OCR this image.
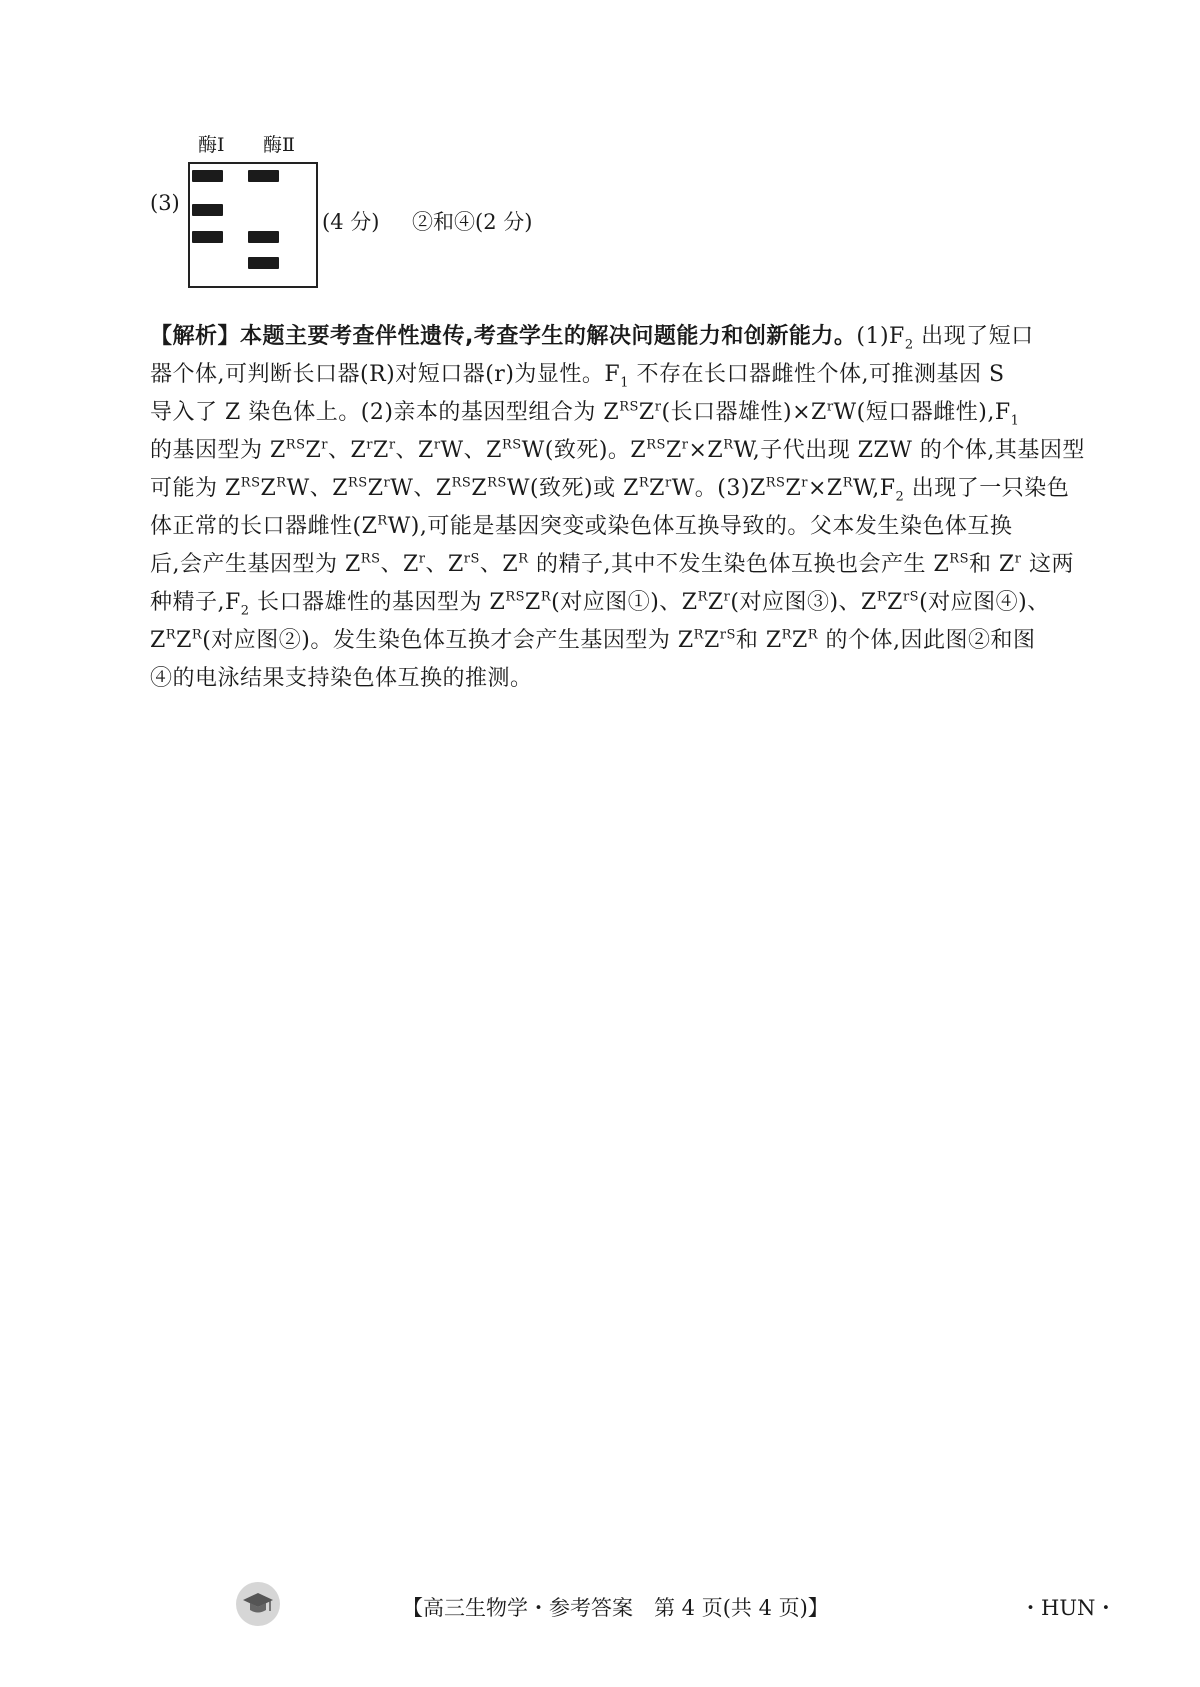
酶Ⅰ 酶Ⅱ
(3)
(4 分) ②和④(2 分)
【解析】本题主要考查伴性遗传,考查学生的解决问题能力和创新能力。$(1)F_2$ 出现了短口
器个体,可判断长口器(R)对短口器(r)为显性。$F_1$ 不存在长口器雌性个体,可推测基因 S
导入了 Z 染色体上。(2)亲本的基因型组合为 $Z^{RS}Z^r$(长口器雄性)$\times Z^rW$(短口器雌性)$,F_1$
的基因型为 $Z^{RS}Z^r$、$Z^rZ^r$、$Z^rW$、$Z^{RS}W$(致死)。$Z^{RS}Z^r\times Z^RW$,子代出现 ZZW 的个体,其基因型
可能为 $Z^{RS}Z^RW$、$Z^{RS}Z^rW$、$Z^{RS}Z^{RS}W$(致死)或 $Z^RZ^rW$。$(3)Z^{RS}Z^r\times Z^RW,F_2$ 出现了一只染色
体正常的长口器雌性$(Z^RW)$,可能是基因突变或染色体互换导致的。父本发生染色体互换
后,会产生基因型为 $Z^{RS}$、$Z^r$、$Z^{rS}$、$Z^R$ 的精子,其中不发生染色体互换也会产生 $Z^{RS}$和 $Z^r$ 这两
种精子$,F_2$ 长口器雄性的基因型为 $Z^{RS}Z^R$(对应图①)、$Z^RZ^r$(对应图③)、$Z^RZ^{rS}$(对应图④)、
$Z^RZ^R$(对应图②)。发生染色体互换才会产生基因型为 $Z^RZ^{rS}$和 $Z^RZ^R$ 的个体,因此图②和图
④的电泳结果支持染色体互换的推测。
【高三生物学・参考答案　第 4 页(共 4 页)】	・HUN・
